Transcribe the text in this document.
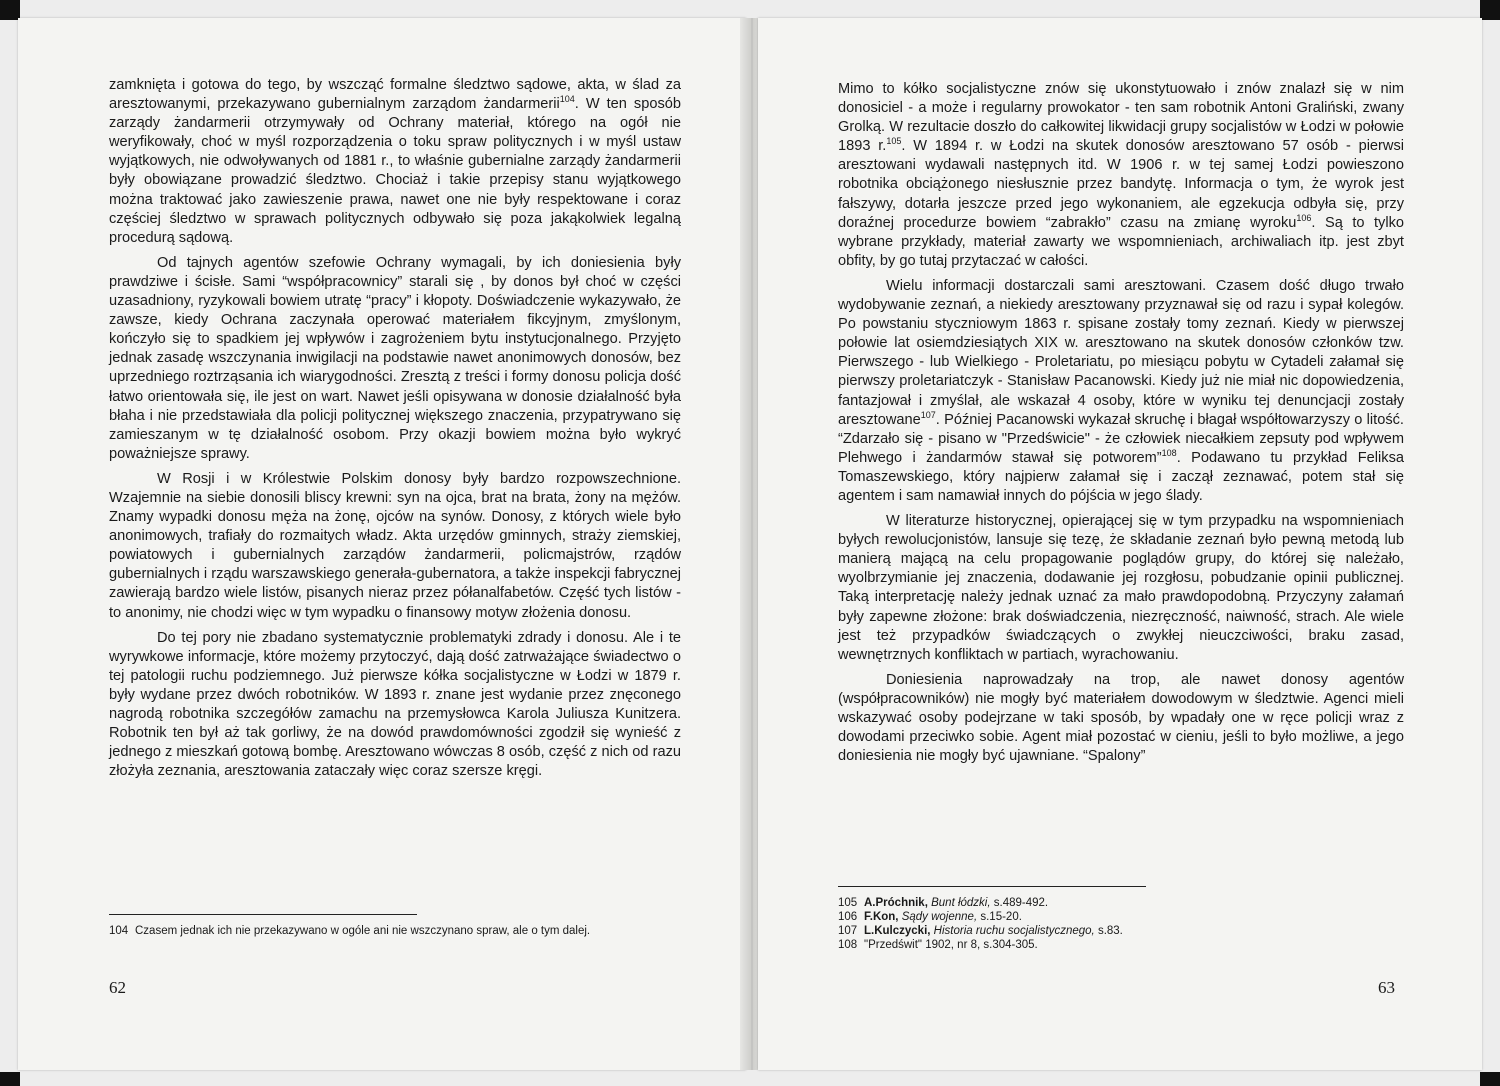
zamknięta i gotowa do tego, by wszcząć formalne śledztwo sądowe, akta, w ślad za aresztowanymi, przekazywano gubernialnym zarządom żandarmerii$^{104}$. W ten sposób zarządy żandarmerii otrzymywały od Ochrany materiał, którego na ogół nie weryfikowały, choć w myśl rozporządzenia o toku spraw politycznych i w myśl ustaw wyjątkowych, nie odwoływanych od 1881 r., to właśnie gubernialne zarządy żandarmerii były obowiązane prowadzić śledztwo. Chociaż i takie przepisy stanu wyjątkowego można traktować jako zawieszenie prawa, nawet one nie były respektowane i coraz częściej śledztwo w sprawach politycznych odbywało się poza jakąkolwiek legalną procedurą sądową.

Od tajnych agentów szefowie Ochrany wymagali, by ich doniesienia były prawdziwe i ścisłe. Sami “współpracownicy” starali się , by donos był choć w części uzasadniony, ryzykowali bowiem utratę “pracy” i kłopoty. Doświadczenie wykazywało, że zawsze, kiedy Ochrana zaczynała operować materiałem fikcyjnym, zmyślonym, kończyło się to spadkiem jej wpływów i zagrożeniem bytu instytucjonalnego. Przyjęto jednak zasadę wszczynania inwigilacji na podstawie nawet anonimowych donosów, bez uprzedniego roztrząsania ich wiarygodności. Zresztą z treści i formy donosu policja dość łatwo orientowała się, ile jest on wart. Nawet jeśli opisywana w donosie działalność była błaha i nie przedstawiała dla policji politycznej większego znaczenia, przypatrywano się zamieszanym w tę działalność osobom. Przy okazji bowiem można było wykryć poważniejsze sprawy.

W Rosji i w Królestwie Polskim donosy były bardzo rozpowszechnione. Wzajemnie na siebie donosili bliscy krewni: syn na ojca, brat na brata, żony na mężów. Znamy wypadki donosu męża na żonę, ojców na synów. Donosy, z których wiele było anonimowych, trafiały do rozmaitych władz. Akta urzędów gminnych, straży ziemskiej, powiatowych i gubernialnych zarządów żandarmerii, policmajstrów, rządów gubernialnych i rządu warszawskiego generała-gubernatora, a także inspekcji fabrycznej zawierają bardzo wiele listów, pisanych nieraz przez półanalfabetów. Część tych listów - to anonimy, nie chodzi więc w tym wypadku o finansowy motyw złożenia donosu.

Do tej pory nie zbadano systematycznie problematyki zdrady i donosu. Ale i te wyrywkowe informacje, które możemy przytoczyć, dają dość zatrważające świadectwo o tej patologii ruchu podziemnego. Już pierwsze kółka socjalistyczne w Łodzi w 1879 r. były wydane przez dwóch robotników. W 1893 r. znane jest wydanie przez znęconego nagrodą robotnika szczegółów zamachu na przemysłowca Karola Juliusza Kunitzera. Robotnik ten był aż tak gorliwy, że na dowód prawdomówności zgodził się wynieść z jednego z mieszkań gotową bombę. Aresztowano wówczas 8 osób, część z nich od razu złożyła zeznania, aresztowania zataczały więc coraz szersze kręgi.

104 Czasem jednak ich nie przekazywano w ogóle ani nie wszczynano spraw, ale o tym dalej.

62

Mimo to kółko socjalistyczne znów się ukonstytuowało i znów znalazł się w nim donosiciel - a może i regularny prowokator - ten sam robotnik Antoni Graliński, zwany Grolką. W rezultacie doszło do całkowitej likwidacji grupy socjalistów w Łodzi w połowie 1893 r.$^{105}$. W 1894 r. w Łodzi na skutek donosów aresztowano 57 osób - pierwsi aresztowani wydawali następnych itd. W 1906 r. w tej samej Łodzi powieszono robotnika obciążonego niesłusznie przez bandytę. Informacja o tym, że wyrok jest fałszywy, dotarła jeszcze przed jego wykonaniem, ale egzekucja odbyła się, przy doraźnej procedurze bowiem “zabrakło” czasu na zmianę wyroku$^{106}$. Są to tylko wybrane przykłady, materiał zawarty we wspomnieniach, archiwaliach itp. jest zbyt obfity, by go tutaj przytaczać w całości.

Wielu informacji dostarczali sami aresztowani. Czasem dość długo trwało wydobywanie zeznań, a niekiedy aresztowany przyznawał się od razu i sypał kolegów. Po powstaniu styczniowym 1863 r. spisane zostały tomy zeznań. Kiedy w pierwszej połowie lat osiemdziesiątych XIX w. aresztowano na skutek donosów członków tzw. Pierwszego - lub Wielkiego - Proletariatu, po miesiącu pobytu w Cytadeli załamał się pierwszy proletariatczyk - Stanisław Pacanowski. Kiedy już nie miał nic dopowiedzenia, fantazjował i zmyślał, ale wskazał 4 osoby, które w wyniku tej denuncjacji zostały aresztowane$^{107}$. Później Pacanowski wykazał skruchę i błagał współtowarzyszy o litość. “Zdarzało się - pisano w "Przedświcie" - że człowiek niecałkiem zepsuty pod wpływem Plehwego i żandarmów stawał się potworem”$^{108}$. Podawano tu przykład Feliksa Tomaszewskiego, który najpierw załamał się i zaczął zeznawać, potem stał się agentem i sam namawiał innych do pójścia w jego ślady.

W literaturze historycznej, opierającej się w tym przypadku na wspomnieniach byłych rewolucjonistów, lansuje się tezę, że składanie zeznań było pewną metodą lub manierą mającą na celu propagowanie poglądów grupy, do której się należało, wyolbrzymianie jej znaczenia, dodawanie jej rozgłosu, pobudzanie opinii publicznej. Taką interpretację należy jednak uznać za mało prawdopodobną. Przyczyny załamań były zapewne złożone: brak doświadczenia, niezręczność, naiwność, strach. Ale wiele jest też przypadków świadczących o zwykłej nieuczciwości, braku zasad, wewnętrznych konfliktach w partiach, wyrachowaniu.

Doniesienia naprowadzały na trop, ale nawet donosy agentów (współpracowników) nie mogły być materiałem dowodowym w śledztwie. Agenci mieli wskazywać osoby podejrzane w taki sposób, by wpadały one w ręce policji wraz z dowodami przeciwko sobie. Agent miał pozostać w cieniu, jeśli to było możliwe, a jego doniesienia nie mogły być ujawniane. “Spalony”

105 A.Próchnik, Bunt łódzki, s.489-492.

106 F.Kon, Sądy wojenne, s.15-20.

107 L.Kulczycki, Historia ruchu socjalistycznego, s.83.

108 "Przedświt" 1902, nr 8, s.304-305.

63
